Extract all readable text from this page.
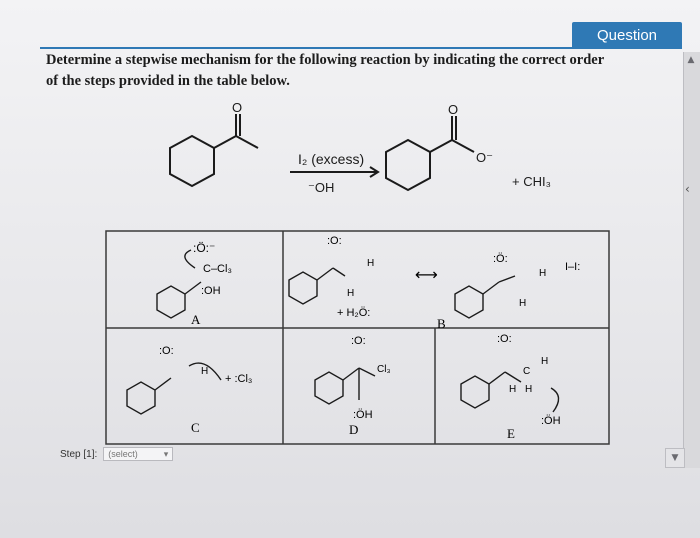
Question
Determine a stepwise mechanism for the following reaction by indicating the correct order
of the steps provided in the table below.
▲
▼
‹
O	O
I₂ (excess)
⁻OH
O⁻
+ CHI₃
:Ö:⁻
C–Cl₃
:OH
A
:O:
H
H
+ H₂Ö:
⟷
:Ö:
H
H
I–I:
B
:O:
H
+ :Cl₃
C
:O:
Cl₃
:ÖH
D
:O:
C
H
H H
:ÖH
E
Step [1]: (select)	▾
